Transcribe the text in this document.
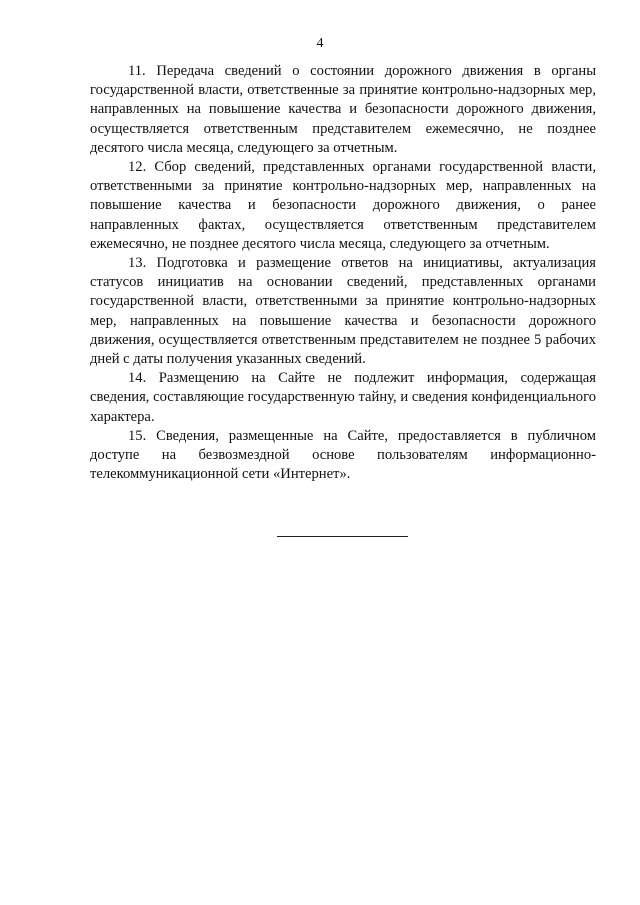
4

11. Передача сведений о состоянии дорожного движения в органы государственной власти, ответственные за принятие контрольно-надзорных мер, направленных на повышение качества и безопасности дорожного движения, осуществляется ответственным представителем ежемесячно, не позднее десятого числа месяца, следующего за отчетным.

12. Сбор сведений, представленных органами государственной власти, ответственными за принятие контрольно-надзорных мер, направленных на повышение качества и безопасности дорожного движения, о ранее направленных фактах, осуществляется ответственным представителем ежемесячно, не позднее десятого числа месяца, следующего за отчетным.

13. Подготовка и размещение ответов на инициативы, актуализация статусов инициатив на основании сведений, представленных органами государственной власти, ответственными за принятие контрольно-надзорных мер, направленных на повышение качества и безопасности дорожного движения, осуществляется ответственным представителем не позднее 5 рабочих дней с даты получения указанных сведений.

14. Размещению на Сайте не подлежит информация, содержащая сведения, составляющие государственную тайну, и сведения конфиденциального характера.

15. Сведения, размещенные на Сайте, предоставляется в публичном доступе на безвозмездной основе пользователям информационно-телекоммуникационной сети «Интернет».
